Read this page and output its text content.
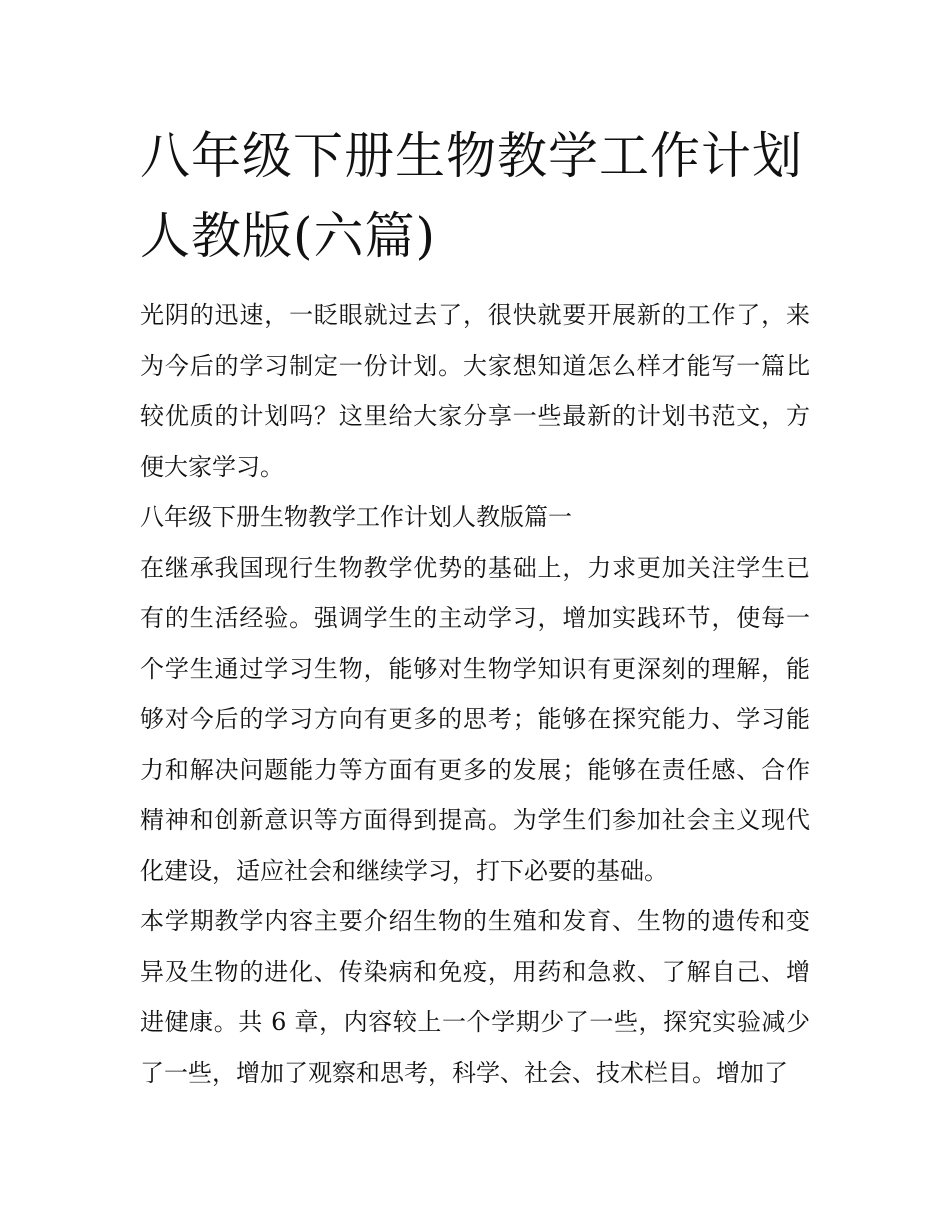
八年级下册生物教学工作计划人教版(六篇)

光阴的迅速，一眨眼就过去了，很快就要开展新的工作了，来为今后的学习制定一份计划。大家想知道怎么样才能写一篇比较优质的计划吗？这里给大家分享一些最新的计划书范文，方便大家学习。

八年级下册生物教学工作计划人教版篇一

在继承我国现行生物教学优势的基础上，力求更加关注学生已有的生活经验。强调学生的主动学习，增加实践环节，使每一个学生通过学习生物，能够对生物学知识有更深刻的理解，能够对今后的学习方向有更多的思考；能够在探究能力、学习能力和解决问题能力等方面有更多的发展；能够在责任感、合作精神和创新意识等方面得到提高。为学生们参加社会主义现代化建设，适应社会和继续学习，打下必要的基础。

本学期教学内容主要介绍生物的生殖和发育、生物的遗传和变异及生物的进化、传染病和免疫，用药和急救、了解自己、增进健康。共 6 章，内容较上一个学期少了一些，探究实验减少了一些，增加了观察和思考，科学、社会、技术栏目。增加了
